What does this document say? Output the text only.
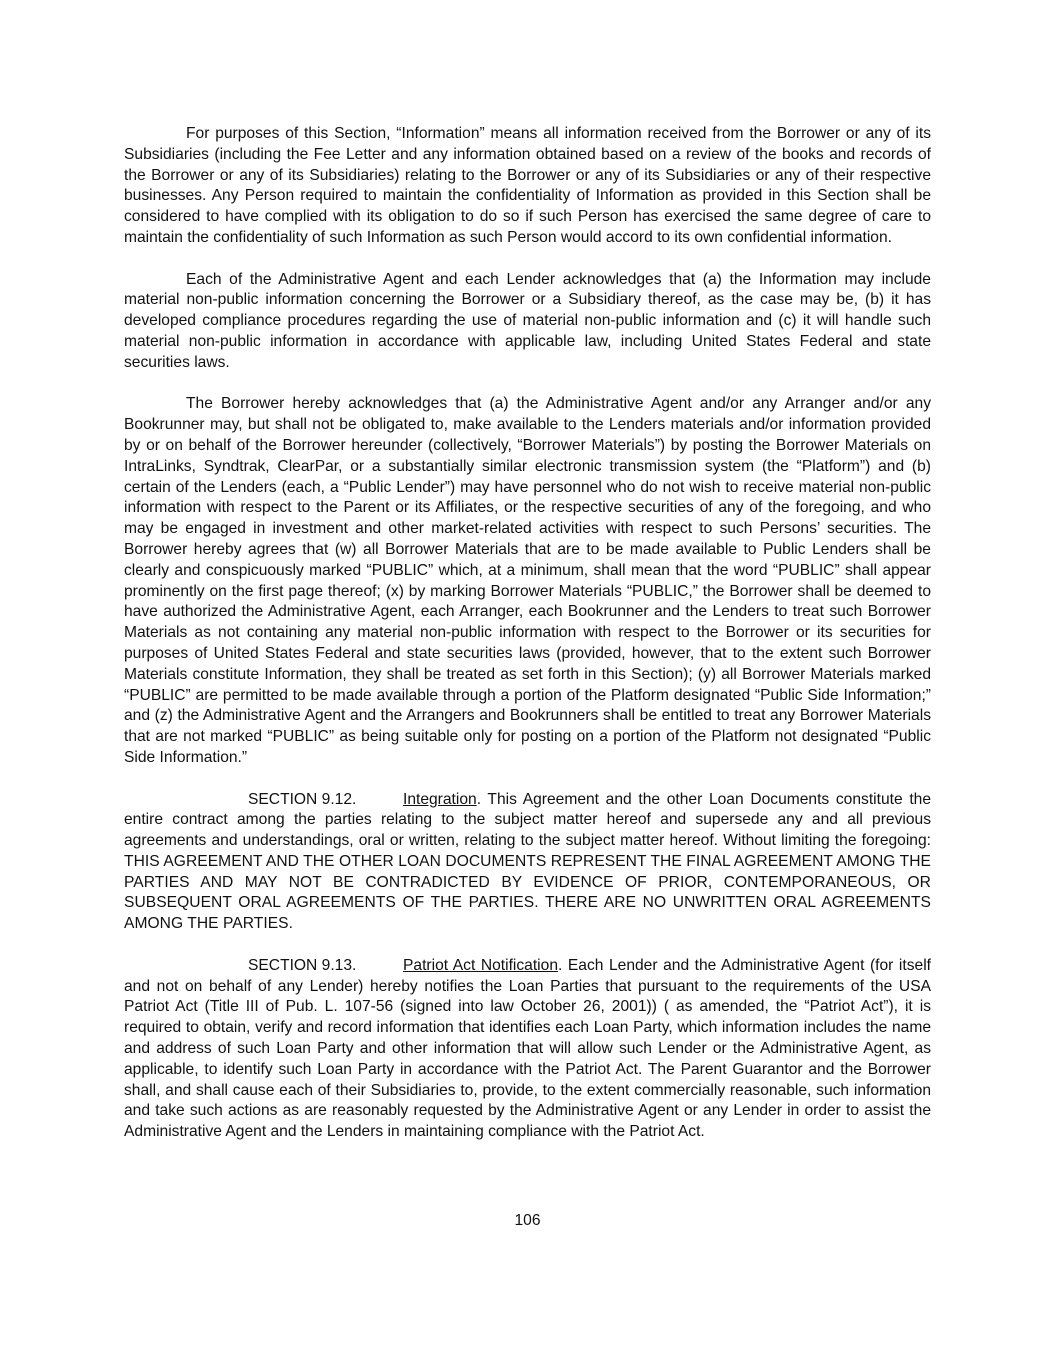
For purposes of this Section, “Information” means all information received from the Borrower or any of its Subsidiaries (including the Fee Letter and any information obtained based on a review of the books and records of the Borrower or any of its Subsidiaries) relating to the Borrower or any of its Subsidiaries or any of their respective businesses. Any Person required to maintain the confidentiality of Information as provided in this Section shall be considered to have complied with its obligation to do so if such Person has exercised the same degree of care to maintain the confidentiality of such Information as such Person would accord to its own confidential information.

Each of the Administrative Agent and each Lender acknowledges that (a) the Information may include material non-public information concerning the Borrower or a Subsidiary thereof, as the case may be, (b) it has developed compliance procedures regarding the use of material non-public information and (c) it will handle such material non-public information in accordance with applicable law, including United States Federal and state securities laws.

The Borrower hereby acknowledges that (a) the Administrative Agent and/or any Arranger and/or any Bookrunner may, but shall not be obligated to, make available to the Lenders materials and/or information provided by or on behalf of the Borrower hereunder (collectively, “Borrower Materials”) by posting the Borrower Materials on IntraLinks, Syndtrak, ClearPar, or a substantially similar electronic transmission system (the “Platform”) and (b) certain of the Lenders (each, a “Public Lender”) may have personnel who do not wish to receive material non-public information with respect to the Parent or its Affiliates, or the respective securities of any of the foregoing, and who may be engaged in investment and other market-related activities with respect to such Persons’ securities. The Borrower hereby agrees that (w) all Borrower Materials that are to be made available to Public Lenders shall be clearly and conspicuously marked “PUBLIC” which, at a minimum, shall mean that the word “PUBLIC” shall appear prominently on the first page thereof; (x) by marking Borrower Materials “PUBLIC,” the Borrower shall be deemed to have authorized the Administrative Agent, each Arranger, each Bookrunner and the Lenders to treat such Borrower Materials as not containing any material non-public information with respect to the Borrower or its securities for purposes of United States Federal and state securities laws (provided, however, that to the extent such Borrower Materials constitute Information, they shall be treated as set forth in this Section); (y) all Borrower Materials marked “PUBLIC” are permitted to be made available through a portion of the Platform designated “Public Side Information;” and (z) the Administrative Agent and the Arrangers and Bookrunners shall be entitled to treat any Borrower Materials that are not marked “PUBLIC” as being suitable only for posting on a portion of the Platform not designated “Public Side Information.”

SECTION 9.12.	Integration. This Agreement and the other Loan Documents constitute the entire contract among the parties relating to the subject matter hereof and supersede any and all previous agreements and understandings, oral or written, relating to the subject matter hereof. Without limiting the foregoing: THIS AGREEMENT AND THE OTHER LOAN DOCUMENTS REPRESENT THE FINAL AGREEMENT AMONG THE PARTIES AND MAY NOT BE CONTRADICTED BY EVIDENCE OF PRIOR, CONTEMPORANEOUS, OR SUBSEQUENT ORAL AGREEMENTS OF THE PARTIES. THERE ARE NO UNWRITTEN ORAL AGREEMENTS AMONG THE PARTIES.

SECTION 9.13.	Patriot Act Notification. Each Lender and the Administrative Agent (for itself and not on behalf of any Lender) hereby notifies the Loan Parties that pursuant to the requirements of the USA Patriot Act (Title III of Pub. L. 107-56 (signed into law October 26, 2001)) ( as amended, the “Patriot Act”), it is required to obtain, verify and record information that identifies each Loan Party, which information includes the name and address of such Loan Party and other information that will allow such Lender or the Administrative Agent, as applicable, to identify such Loan Party in accordance with the Patriot Act. The Parent Guarantor and the Borrower shall, and shall cause each of their Subsidiaries to, provide, to the extent commercially reasonable, such information and take such actions as are reasonably requested by the Administrative Agent or any Lender in order to assist the Administrative Agent and the Lenders in maintaining compliance with the Patriot Act.

106
